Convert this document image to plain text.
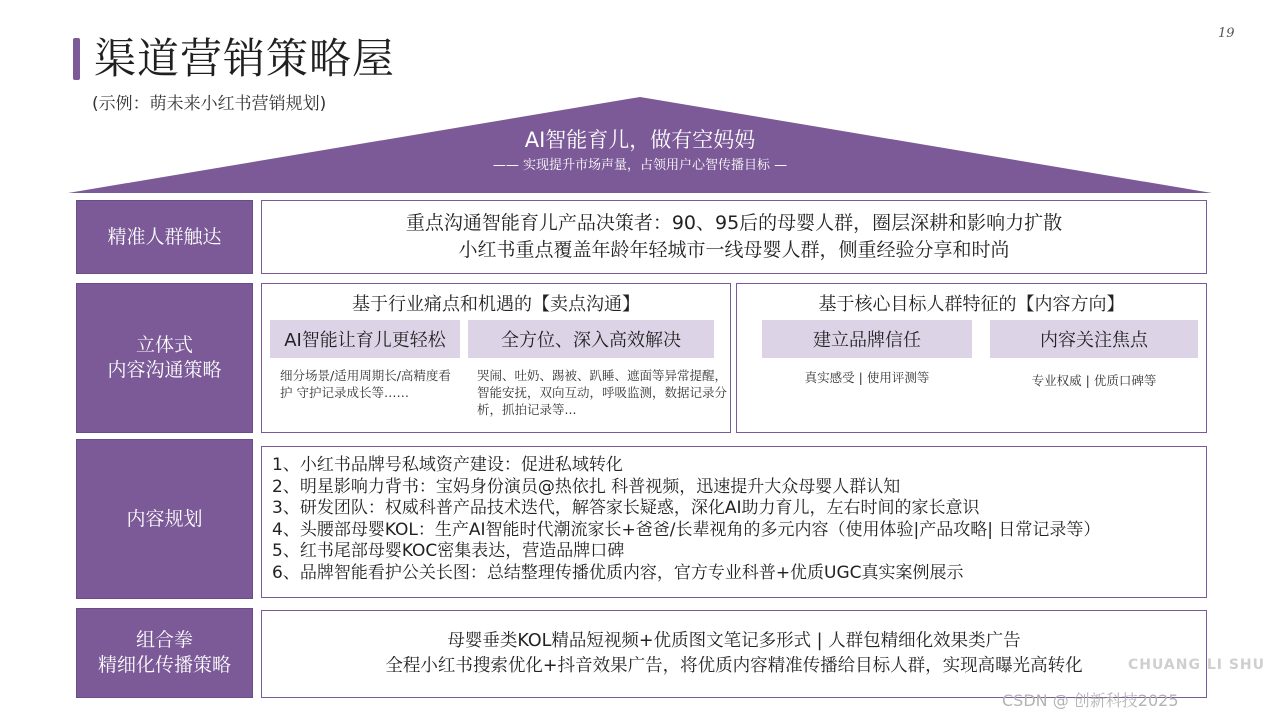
渠道营销策略屋
(示例：萌未来小红书营销规划)
19
AI智能育儿，做有空妈妈
—— 实现提升市场声量，占领用户心智传播目标 —
精准人群触达
重点沟通智能育儿产品决策者：90、95后的母婴人群，圈层深耕和影响力扩散
小红书重点覆盖年龄年轻城市一线母婴人群，侧重经验分享和时尚
立体式
内容沟通策略
基于行业痛点和机遇的【卖点沟通】
AI智能让育儿更轻松	全方位、深入高效解决
细分场景/适用周期长/高精度看护 守护记录成长等……
哭闹、吐奶、踢被、趴睡、遮面等异常提醒，智能安抚，双向互动，呼吸监测，数据记录分析，抓拍记录等...
基于核心目标人群特征的【内容方向】
建立品牌信任	内容关注焦点
真实感受 | 使用评测等	专业权威 | 优质口碑等
内容规划
1、小红书品牌号私域资产建设：促进私域转化
2、明星影响力背书：宝妈身份演员@热依扎 科普视频，迅速提升大众母婴人群认知
3、研发团队：权威科普产品技术迭代，解答家长疑惑，深化AI助力育儿，左右时间的家长意识
4、头腰部母婴KOL：生产AI智能时代潮流家长+爸爸/长辈视角的多元内容（使用体验|产品攻略| 日常记录等）
5、红书尾部母婴KOC密集表达，营造品牌口碑
6、品牌智能看护公关长图：总结整理传播优质内容，官方专业科普+优质UGC真实案例展示
组合拳
精细化传播策略
母婴垂类KOL精品短视频+优质图文笔记多形式 | 人群包精细化效果类广告
全程小红书搜索优化+抖音效果广告，将优质内容精准传播给目标人群，实现高曝光高转化	CHUANG LI SHU
CSDN @ 创新科技2025
